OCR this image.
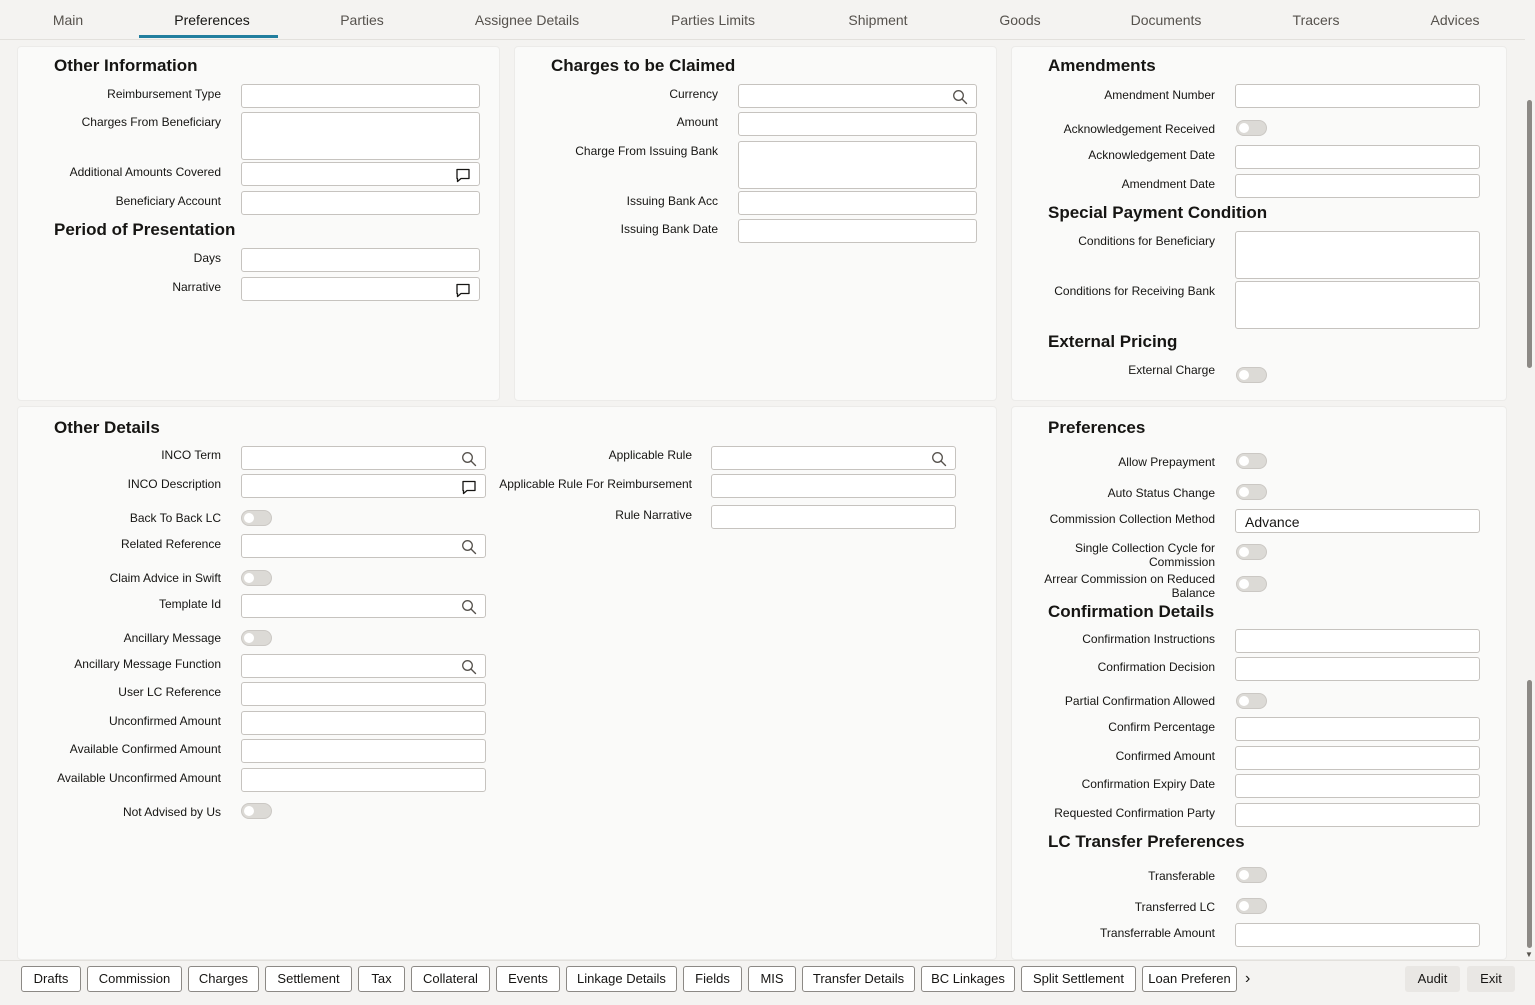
Main	Preferences	Parties	Assignee Details	Parties Limits	Shipment	Goods	Documents	Tracers	Advices
Other Information
Reimbursement Type
Charges From Beneficiary
Additional Amounts Covered
Beneficiary Account
Period of Presentation
Days
Narrative
Charges to be Claimed
Currency
Amount
Charge From Issuing Bank
Issuing Bank Acc
Issuing Bank Date
Amendments
Amendment Number
Acknowledgement Received
Acknowledgement Date
Amendment Date
Special Payment Condition
Conditions for Beneficiary
Conditions for Receiving Bank
External Pricing
External Charge
Other Details
INCO Term
INCO Description
Back To Back LC
Related Reference
Claim Advice in Swift
Template Id
Ancillary Message
Ancillary Message Function
User LC Reference
Unconfirmed Amount
Available Confirmed Amount
Available Unconfirmed Amount
Not Advised by Us
Applicable Rule
Applicable Rule For Reimbursement
Rule Narrative
Preferences
Allow Prepayment
Auto Status Change
Commission Collection Method Advance
Single Collection Cycle for Commission
Arrear Commission on Reduced Balance
Confirmation Details
Confirmation Instructions
Confirmation Decision
Partial Confirmation Allowed
Confirm Percentage
Confirmed Amount
Confirmation Expiry Date
Requested Confirmation Party
LC Transfer Preferences
Transferable
Transferred LC
Transferrable Amount
▼
Drafts	Commission	Charges	Settlement	Tax	Collateral	Events	Linkage Details	Fields	MIS	Transfer Details	BC Linkages	Split Settlement	Loan Preferen ›	Audit	Exit
